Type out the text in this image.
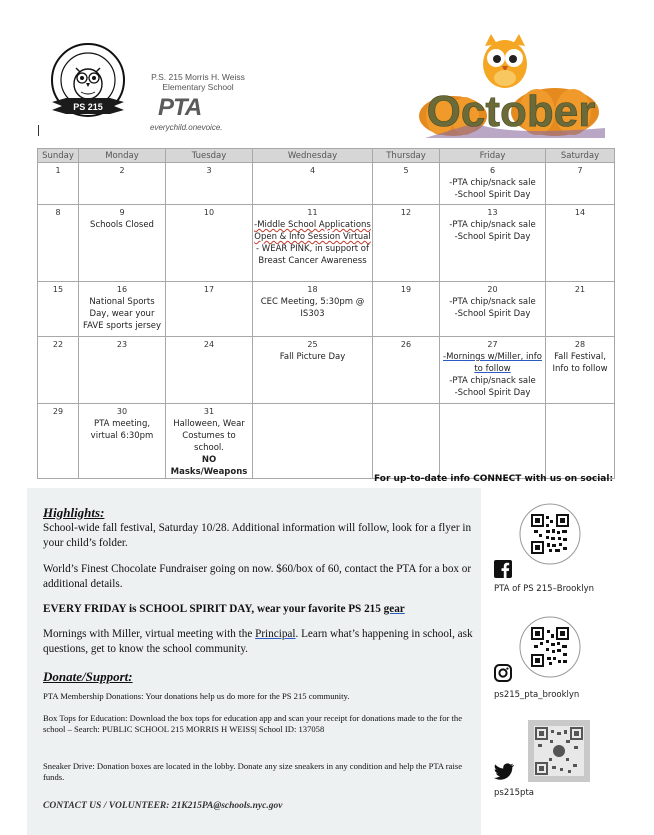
PS 215
P.S. 215 Morris H. Weiss Elementary School
PTA
everychild.onevoice.	October
Sunday	Monday	Tuesday	Wednesday	Thursday	Friday	Saturday

1	2	3	4	5	6
-PTA chip/snack sale
-School Spirit Day	7

8	9
Schools Closed	10	11
-Middle School Applications Open & Info Session Virtual
- WEAR PINK, in support of Breast Cancer Awareness	12	13
-PTA chip/snack sale
-School Spirit Day	14

15	16
National Sports Day, wear your FAVE sports jersey	17	18
CEC Meeting, 5:30pm @ IS303	19	20
-PTA chip/snack sale
-School Spirit Day	21

22	23	24	25
Fall Picture Day	26	27
-Mornings w/Miller, info to follow
-PTA chip/snack sale
-School Spirit Day	28
Fall Festival, Info to follow

29	30
PTA meeting, virtual 6:30pm	31
Halloween, Wear Costumes to school.
NO Masks/Weapons				

For up-to-date info CONNECT with us on social:
Highlights:
School-wide fall festival, Saturday 10/28. Additional information will follow, look for a flyer in your child’s folder.
World’s Finest Chocolate Fundraiser going on now. $60/box of 60, contact the PTA for a box or additional details.
EVERY FRIDAY is SCHOOL SPIRIT DAY, wear your favorite PS 215 gear
Mornings with Miller, virtual meeting with the Principal. Learn what’s happening in school, ask questions, get to know the school community.
Donate/Support:
PTA Membership Donations: Your donations help us do more for the PS 215 community.
Box Tops for Education: Download the box tops for education app and scan your receipt for donations made to the for the school – Search: PUBLIC SCHOOL 215 MORRIS H WEISS| School ID: 137058
Sneaker Drive: Donation boxes are located in the lobby. Donate any size sneakers in any condition and help the PTA raise funds.
CONTACT US / VOLUNTEER: 21K215PA@schools.nyc.gov
PTA of PS 215–Brooklyn
ps215_pta_brooklyn
ps215pta
